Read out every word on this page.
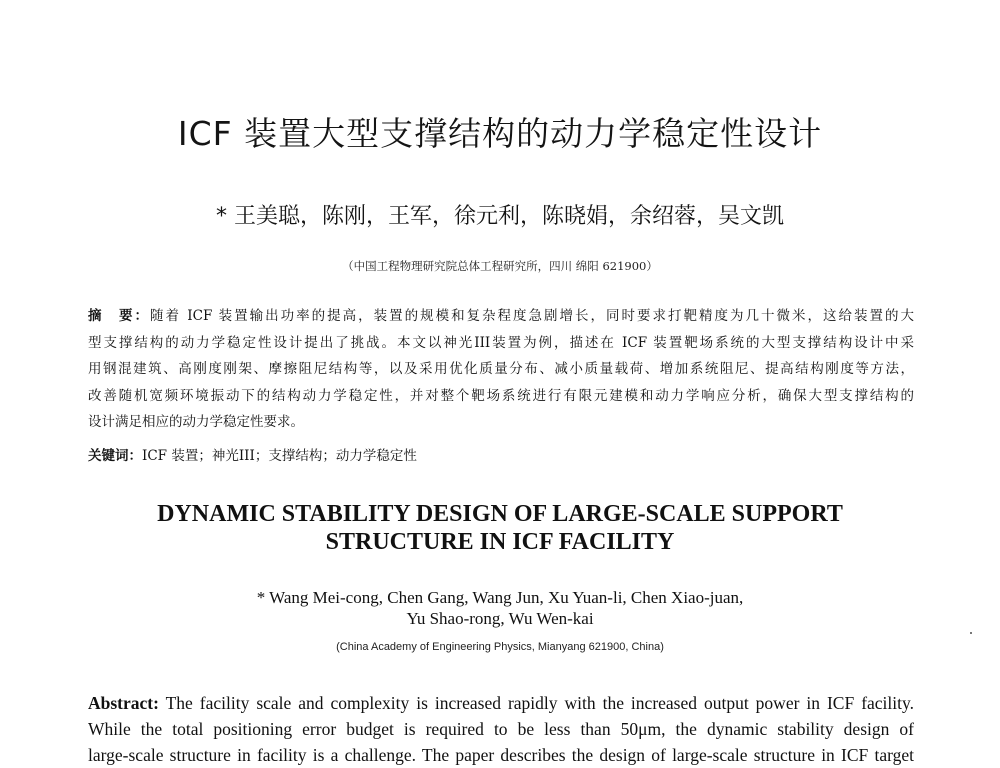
ICF 装置大型支撑结构的动力学稳定性设计
* 王美聪，陈刚，王军，徐元利，陈晓娟，余绍蓉，吴文凯
（中国工程物理研究院总体工程研究所，四川 绵阳 621900）
摘　要：随着 ICF 装置输出功率的提高，装置的规模和复杂程度急剧增长，同时要求打靶精度为几十微米，这给装置的大
型支撑结构的动力学稳定性设计提出了挑战。本文以神光III装置为例，描述在 ICF 装置靶场系统的大型支撑结构设计中采
用钢混建筑、高刚度刚架、摩擦阻尼结构等，以及采用优化质量分布、减小质量载荷、增加系统阻尼、提高结构刚度等方法，
改善随机宽频环境振动下的结构动力学稳定性，并对整个靶场系统进行有限元建模和动力学响应分析，确保大型支撑结构的
设计满足相应的动力学稳定性要求。
关键词：ICF 装置；神光III；支撑结构；动力学稳定性
DYNAMIC STABILITY DESIGN OF LARGE-SCALE SUPPORT
STRUCTURE IN ICF FACILITY
* Wang Mei-cong, Chen Gang, Wang Jun, Xu Yuan-li, Chen Xiao-juan,
Yu Shao-rong, Wu Wen-kai
(China Academy of Engineering Physics, Mianyang 621900, China)
Abstract: The facility scale and complexity is increased rapidly with the increased output power in ICF facility.
While the total positioning error budget is required to be less than 50μm, the dynamic stability design of
large-scale structure in facility is a challenge. The paper describes the design of large-scale structure in ICF target
